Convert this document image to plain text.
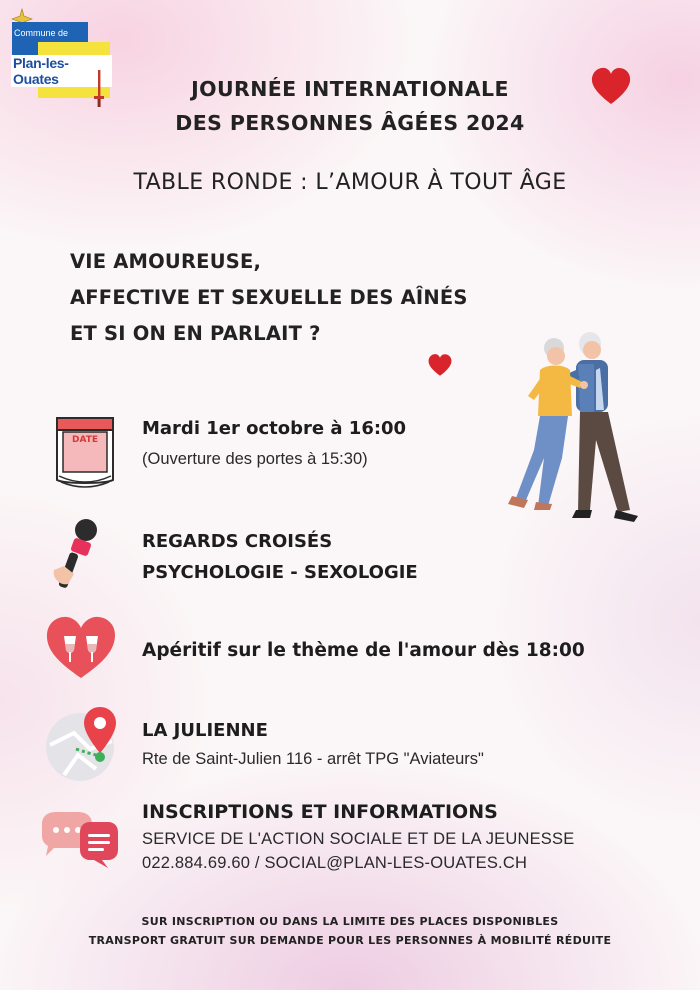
Commune de
Plan-les-Ouates	JOURNÉE INTERNATIONALE
DES PERSONNES ÂGÉES 2024
TABLE RONDE : L’AMOUR À TOUT ÂGE
VIE AMOUREUSE,
AFFECTIVE ET SEXUELLE DES AÎNÉS
ET SI ON EN PARLAIT ?
DATE
Mardi 1er octobre à 16:00
(Ouverture des portes à 15:30)
REGARDS CROISÉS
PSYCHOLOGIE - SEXOLOGIE
Apéritif sur le thème de l'amour dès 18:00
LA JULIENNE
Rte de Saint-Julien 116 - arrêt TPG "Aviateurs"
INSCRIPTIONS ET INFORMATIONS
SERVICE DE L'ACTION SOCIALE ET DE LA JEUNESSE
022.884.69.60 / SOCIAL@PLAN-LES-OUATES.CH
SUR INSCRIPTION OU DANS LA LIMITE DES PLACES DISPONIBLES
TRANSPORT GRATUIT SUR DEMANDE POUR LES PERSONNES À MOBILITÉ RÉDUITE
